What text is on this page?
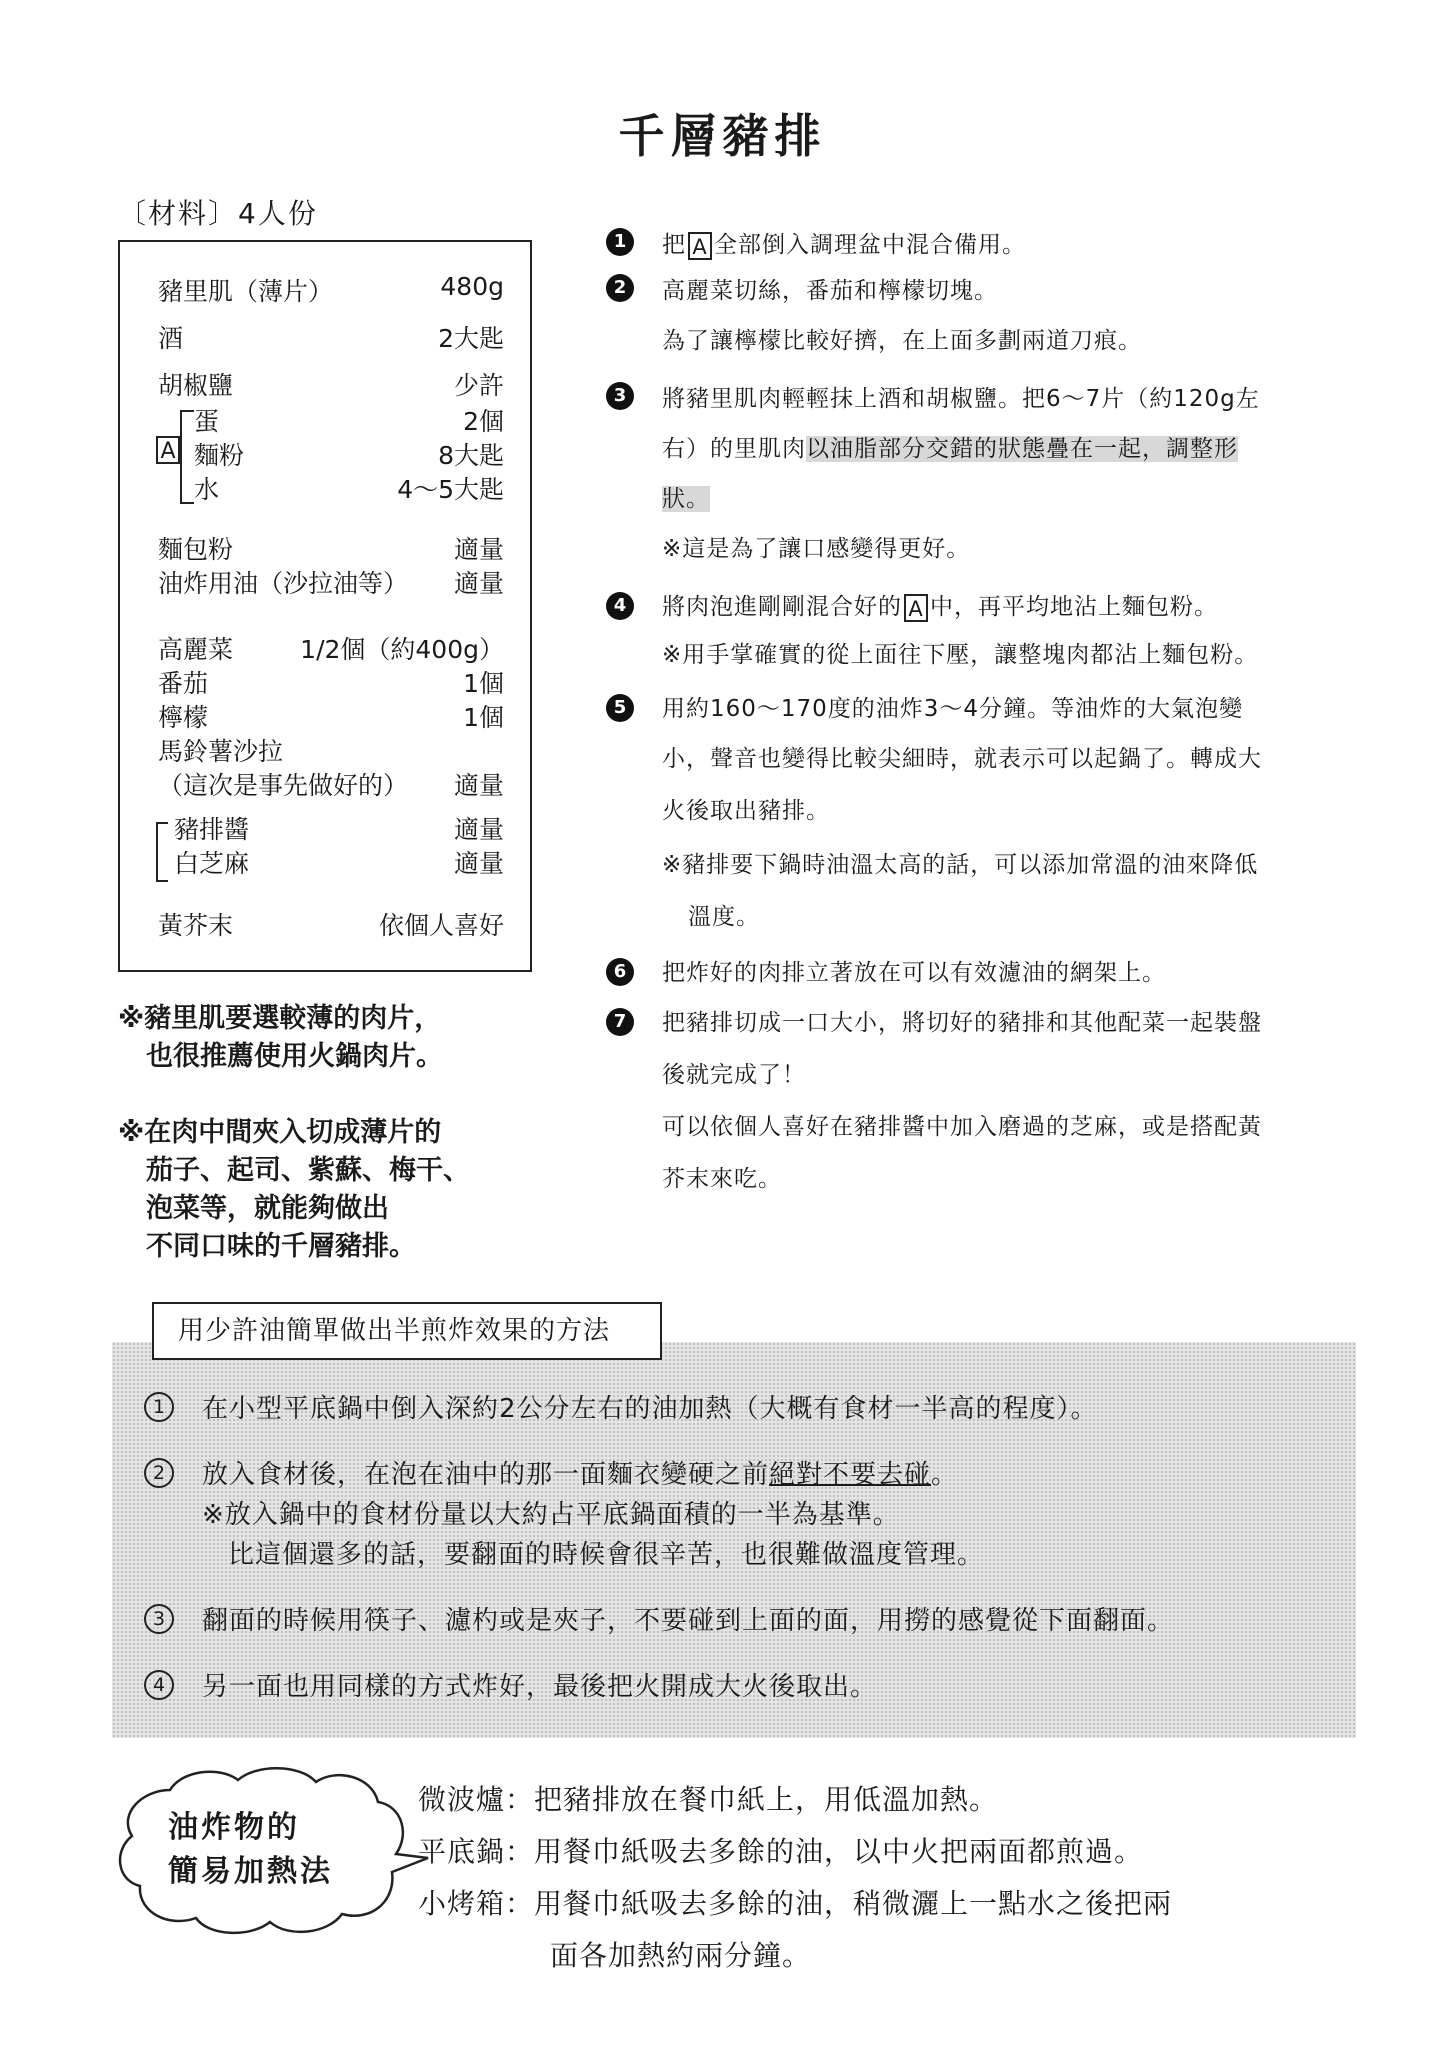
千層豬排
〔材料〕4人份
豬里肌（薄片）	480g
酒	2大匙
胡椒鹽	少許
A
蛋	2個
麵粉	8大匙
水	4～5大匙
麵包粉	適量
油炸用油（沙拉油等） 適量
高麗菜	1/2個（約400g）
番茄	1個
檸檬	1個
馬鈴薯沙拉
（這次是事先做好的） 適量
豬排醬	適量
白芝麻	適量
黃芥末	依個人喜好
※豬里肌要選較薄的肉片，
也很推薦使用火鍋肉片。
※在肉中間夾入切成薄片的
茄子、起司、紫蘇、梅干、
泡菜等，就能夠做出
不同口味的千層豬排。
1	把 A 全部倒入調理盆中混合備用。
2	高麗菜切絲，番茄和檸檬切塊。
為了讓檸檬比較好擠，在上面多劃兩道刀痕。
3	將豬里肌肉輕輕抹上酒和胡椒鹽。把6～7片（約120g左
右）的里肌肉以油脂部分交錯的狀態疊在一起，調整形
狀。
※這是為了讓口感變得更好。
4	將肉泡進剛剛混合好的 A 中，再平均地沾上麵包粉。
※用手掌確實的從上面往下壓，讓整塊肉都沾上麵包粉。
5	用約160～170度的油炸3～4分鐘。等油炸的大氣泡變
小，聲音也變得比較尖細時，就表示可以起鍋了。轉成大
火後取出豬排。
※豬排要下鍋時油溫太高的話，可以添加常溫的油來降低
溫度。
6	把炸好的肉排立著放在可以有效濾油的網架上。
7	把豬排切成一口大小，將切好的豬排和其他配菜一起裝盤
後就完成了！
可以依個人喜好在豬排醬中加入磨過的芝麻，或是搭配黃
芥末來吃。
用少許油簡單做出半煎炸效果的方法
1	在小型平底鍋中倒入深約2公分左右的油加熱（大概有食材一半高的程度）。
2	放入食材後，在泡在油中的那一面麵衣變硬之前絕對不要去碰。
※放入鍋中的食材份量以大約占平底鍋面積的一半為基準。
比這個還多的話，要翻面的時候會很辛苦，也很難做溫度管理。
3	翻面的時候用筷子、濾杓或是夾子，不要碰到上面的面，用撈的感覺從下面翻面。
4	另一面也用同樣的方式炸好，最後把火開成大火後取出。
油炸物的
簡易加熱法
微波爐：把豬排放在餐巾紙上，用低溫加熱。
平底鍋：用餐巾紙吸去多餘的油，以中火把兩面都煎過。
小烤箱：用餐巾紙吸去多餘的油，稍微灑上一點水之後把兩
面各加熱約兩分鐘。
